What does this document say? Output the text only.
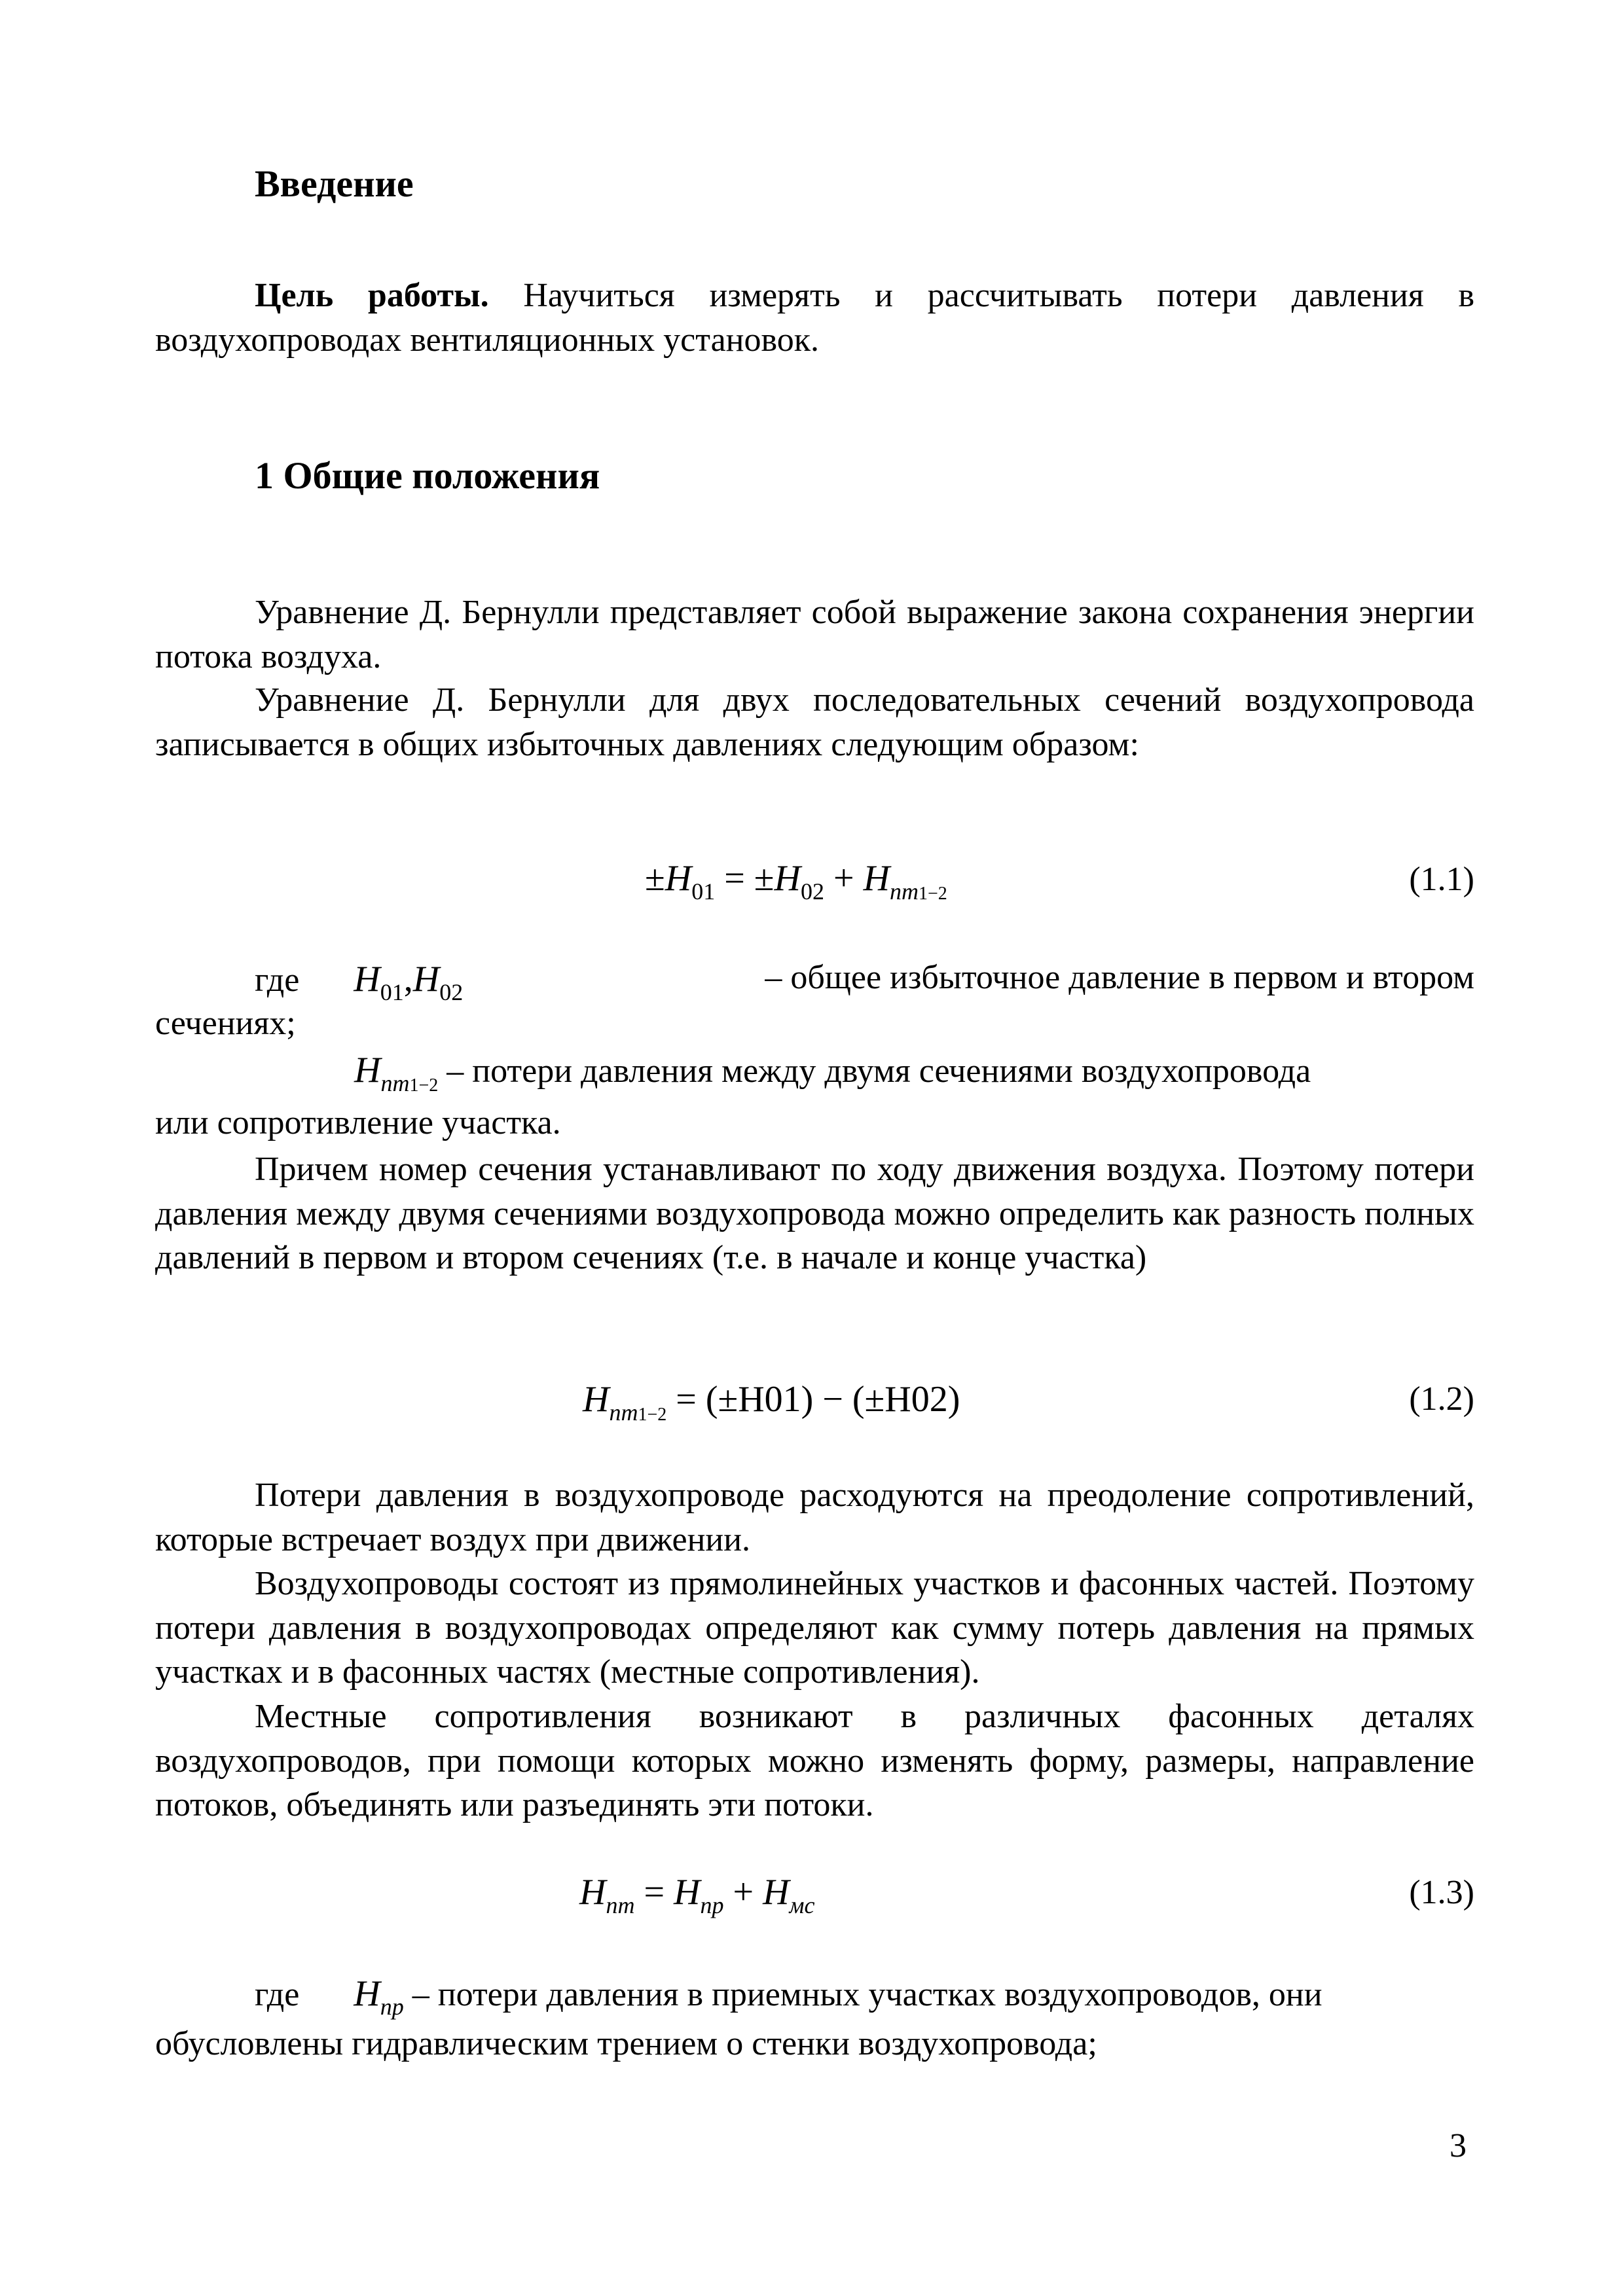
Введение
Цель работы. Научиться измерять и рассчитывать потери давления в воздухопроводах вентиляционных установок.
1 Общие положения
Уравнение Д. Бернулли представляет собой выражение закона сохранения энергии потока воздуха.
Уравнение Д. Бернулли для двух последовательных сечений воздухопровода записывается в общих избыточных давлениях следующим образом:
$\pm H_{01} = \pm H_{02} + H_{nm1-2}$	(1.1)
где $H_{01},H_{02}$	– общее избыточное давление в первом и втором
сечениях;
$H_{nm1-2}$ – потери давления между двумя сечениями воздухопровода
или сопротивление участка.
Причем номер сечения устанавливают по ходу движения воздуха. Поэтому потери давления между двумя сечениями воздухопровода можно определить как разность полных давлений в первом и втором сечениях (т.е. в начале и конце участка)
$H_{nm1-2} = (\pm H01) - (\pm H02)$	(1.2)
Потери давления в воздухопроводе расходуются на преодоление сопротивлений, которые встречает воздух при движении.
Воздухопроводы состоят из прямолинейных участков и фасонных частей. Поэтому потери давления в воздухопроводах определяют как сумму потерь давления на прямых участках и в фасонных частях (местные сопротивления).
Местные сопротивления возникают в различных фасонных деталях воздухопроводов, при помощи которых можно изменять форму, размеры, направление потоков, объединять или разъединять эти потоки.
$H_{nm} = H_{np} + H_{мс}$	(1.3)
где $H_{np}$ – потери давления в приемных участках воздухопроводов, они
обусловлены гидравлическим трением о стенки воздухопровода;
3
